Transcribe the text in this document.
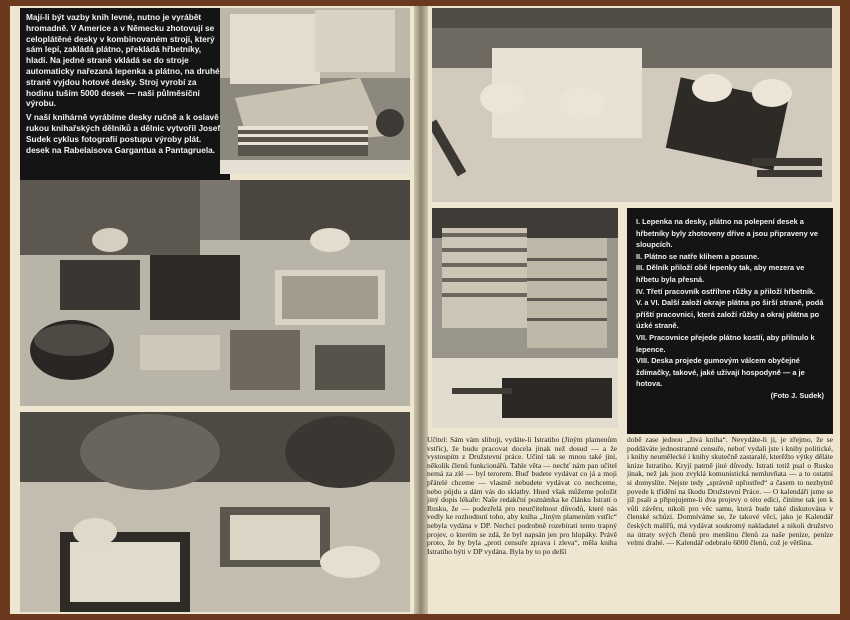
Mají-li být vazby knih levné, nutno je vyrábět hromadně. V Americe a v Německu zhotovují se celoplátěné desky v kombinovaném stroji, který sám lepí, zakládá plátno, překládá hřbetníky, hladí. Na jedné straně vkládá se do stroje automaticky nařezaná lepenka a plátno, na druhé straně vyjdou hotové desky. Stroj vyrobí za hodinu tuším 5000 desek — naši půlměsíční výrobu.

V naší knihárně vyrábíme desky ručně a k oslavě rukou knihařských dělníků a dělnic vytvořil Josef Sudek cyklus fotografií postupu výroby plát. desek na Rabelaisova Gargantua a Pantagruela.

I. Lepenka na desky, plátno na polepení desek a hřbetníky byly zhotoveny dříve a jsou připraveny ve sloupcích.

II. Plátno se natře klihem a posune.

III. Dělník přiloží obě lepenky tak, aby mezera ve hřbetu byla přesná.

IV. Třetí pracovník ostříhne růžky a přiloží hřbetník.

V. a VI. Další založí okraje plátna po širší straně, podá příští pracovnici, která založí růžky a okraj plátna po úzké straně.

VII. Pracovnice přejede plátno kostíí, aby přilnulo k lepence.

VIII. Deska projede gumovým válcem obyčejné ždímačky, takové, jaké užívají hospodyně — a je hotova.

(Foto J. Sudek)

Učitel: Sám vám slibuji, vydáte-li Istratiho (Jiným plamenům vstříc), že budu pracovat docela jinak než dosud — a že vystoupím z Družstevní práce. Učiní tak se mnou také jiní, několik členů funkcionářů. Tahle věta — nechť nám pan učitel nemá za zlé — byl terorem. Buď budete vydávat co já a moji přátelé chceme — vlastně nebudete vydávat co nechceme, nebo půjdu a dám vás do sklatby. Hned však můžeme položit jiný dopis lékaře: Naše redakční poznámka ke článku Istrati o Rusku, že — podezřelá pro neurčitelnost důvodů, které nás vedly ke rozhodnutí toho, aby kniha „Jiným plamenům vstříc“ nebyla vydána v DP. Nechci podrobně rozebírati tento trapný projev, o kterém se zdá, že byl napsán jen pro hlupáky. Právě proto, že by byla „proti censuře zprava i zleva“, měla kniha Istratiho býti v DP vydána. Byla by to po delší

době zase jednou „živá kniha“. Nevydáte-li ji, je zřejmo, že se poddáváte jednostranné censuře, neboť vydali jste i knihy politické, i knihy neumělecké i knihy skutečně zastaralé, kterěžto výtky děláte knize Istratiho. Kryjí patrně jiné důvody. Istrati totiž psal o Rusku jinak, než jak jsou zvyklá komunistická nemluvňata — a to ostatní si domyslíte. Nejste tedy „správně upřostřed“ a časem to nezbytně povede k třídění na škodu Družstevní Práce. — O kalendáři jsme se již psali a připojujeme-li dva projevy o této edici, činíme tak jen k vůli závěru, nikoli pro věc samu, která bude také diskutována v členské schůzi. Domníváme se, že takové věci, jako je Kalendář českých malířů, má vydávat soukromý nakladatel a nikoli družstvo na útraty svých členů pro menšinu členů za naše peníze, peníze velmi drahé. — Kalendář odebralo 6000 členů, což je většina.
